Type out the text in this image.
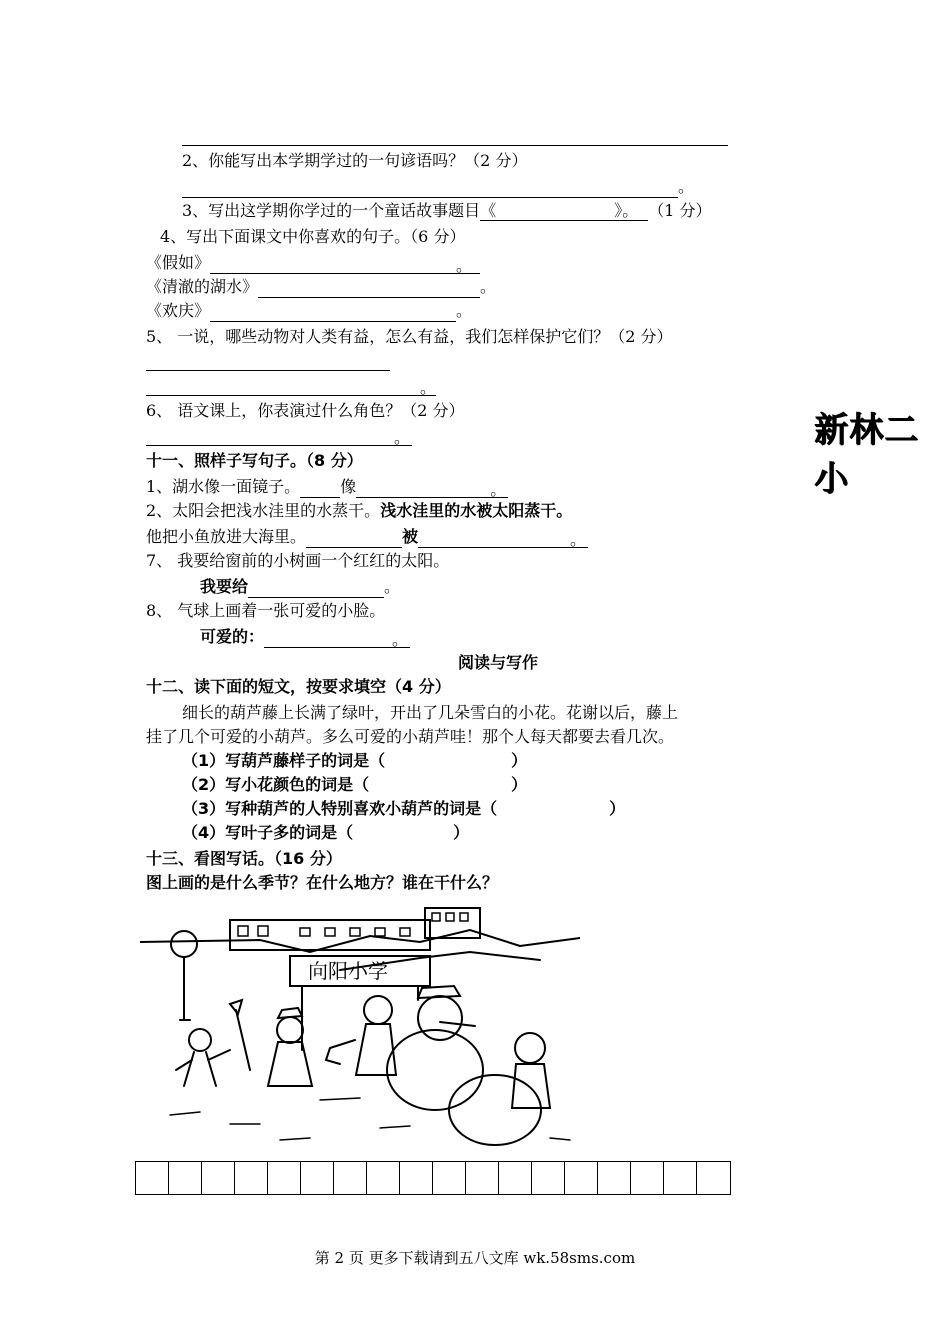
2、你能写出本学期学过的一句谚语吗？（2 分）
。
3、写出这学期你学过的一个童话故事题目《	》。 （1 分）
4、写出下面课文中你喜欢的句子。（6 分）
《假如》	。
《清澈的湖水》	。
《欢庆》	。
5、 一说，哪些动物对人类有益，怎么有益，我们怎样保护它们？（2 分）
。
6、 语文课上，你表演过什么角色？（2 分）
。	新林二小
十一、照样子写句子。（8 分）
1、湖水像一面镜子。	像	。
2、太阳会把浅水洼里的水蒸干。浅水洼里的水被太阳蒸干。
他把小鱼放进大海里。	被	。
7、 我要给窗前的小树画一个红红的太阳。
我要给	。
8、 气球上画着一张可爱的小脸。
可爱的：	。
阅读与写作
十二、读下面的短文，按要求填空（4 分）
细长的葫芦藤上长满了绿叶，开出了几朵雪白的小花。花谢以后，藤上
挂了几个可爱的小葫芦。多么可爱的小葫芦哇！那个人每天都要去看几次。
（1）写葫芦藤样子的词是（	）
（2）写小花颜色的词是（	）
（3）写种葫芦的人特别喜欢小葫芦的词是（	）
（4）写叶子多的词是（	）
十三、看图写话。（16 分）
图上画的是什么季节？在什么地方？谁在干什么？
向阳小学
第 2 页 更多下载请到五八文库 wk.58sms.com
